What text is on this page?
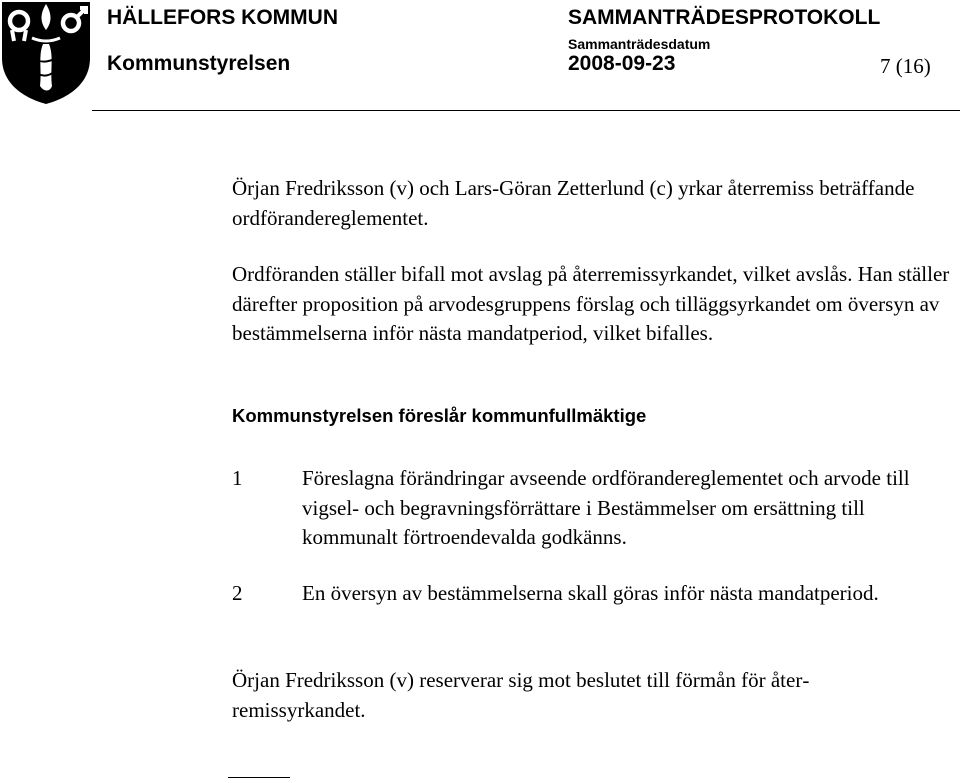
HÄLLEFORS KOMMUN
Kommunstyrelsen
SAMMANTRÄDESPROTOKOLL
Sammanträdesdatum
2008-09-23	7 (16)

Örjan Fredriksson (v) och Lars-Göran Zetterlund (c) yrkar återremiss beträffande ordförandereglementet.

Ordföranden ställer bifall mot avslag på återremissyrkandet, vilket avslås. Han ställer därefter proposition på arvodesgruppens förslag och tilläggsyrkandet om översyn av bestämmelserna inför nästa mandatperiod, vilket bifalles.

Kommunstyrelsen föreslår kommunfullmäktige
1	Föreslagna förändringar avseende ordförandereglementet och arvode till vigsel- och begravningsförrättare i Bestämmelser om ersättning till kommunalt förtroendevalda godkänns.

2	En översyn av bestämmelserna skall göras inför nästa mandatperiod.

Örjan Fredriksson (v) reserverar sig mot beslutet till förmån för återremissyrkandet.
